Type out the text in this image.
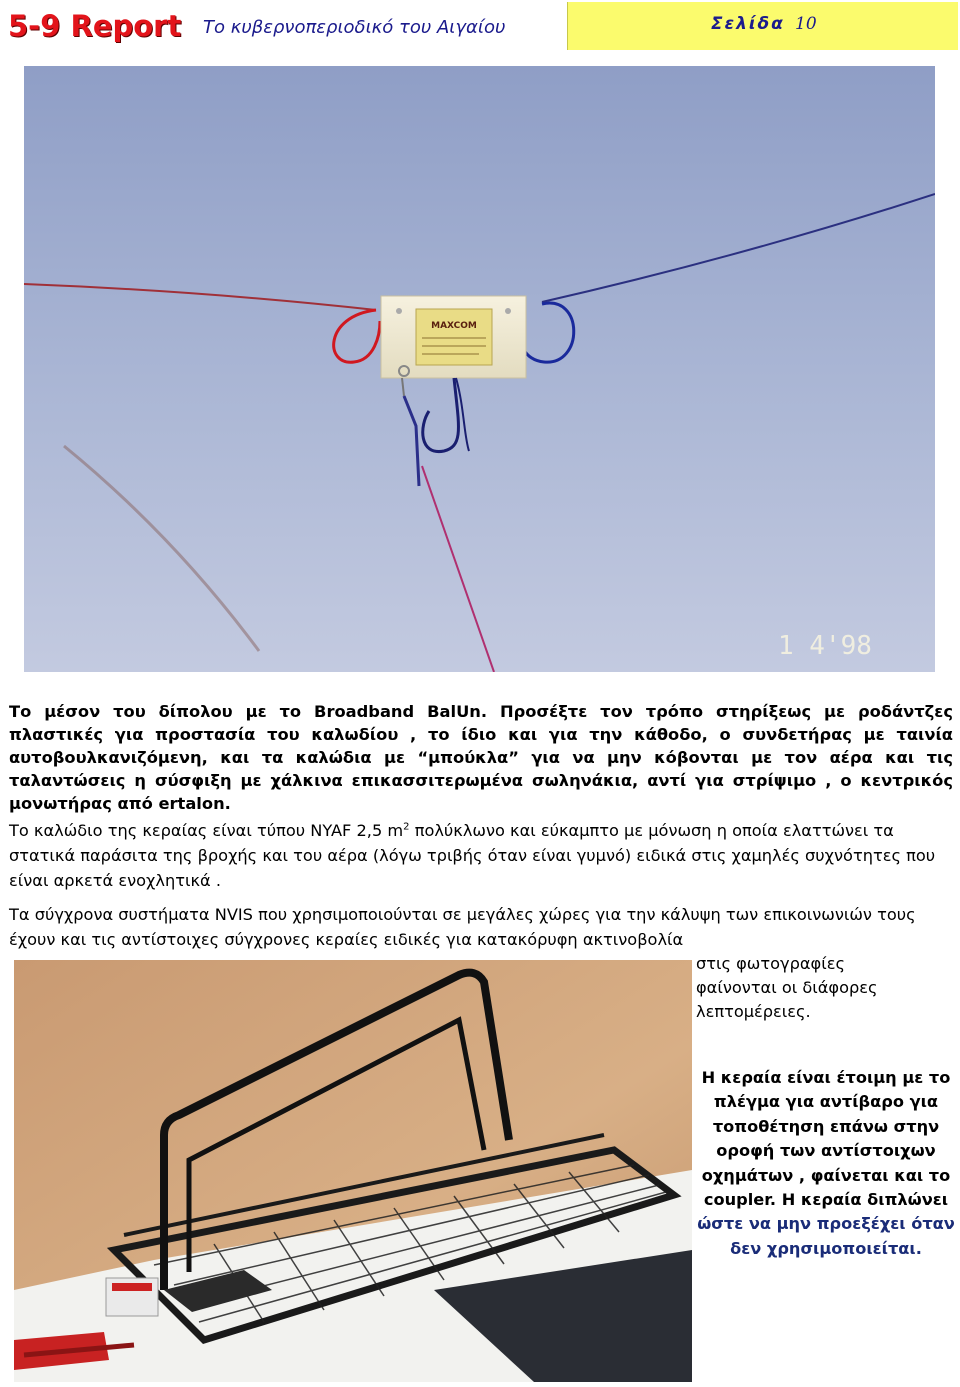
5-9 Report Το κυβερνοπεριοδικό του Αιγαίου	Σελίδα 10
MAXCOM
1 4'98
Το μέσον του δίπολου με το Broadband BalUn. Προσέξτε τον τρόπο στηρίξεως με ροδάντζες πλαστικές για προστασία του καλωδίου , το ίδιο και για την κάθοδο, ο συνδετήρας με ταινία αυτοβουλκανιζόμενη, και τα καλώδια με “μπούκλα” για να μην κόβονται με τον αέρα και τις ταλαντώσεις η σύσφιξη με χάλκινα επικασσιτερωμένα σωληνάκια, αντί για στρίψιμο , ο κεντρικός μονωτήρας από ertalon.
Το καλώδιο της κεραίας είναι τύπου NYAF 2,5 $m^2$ πολύκλωνο και εύκαμπτο με μόνωση η οποία ελαττώνει τα στατικά παράσιτα της βροχής και του αέρα (λόγω τριβής όταν είναι γυμνό) ειδικά στις χαμηλές συχνότητες που είναι αρκετά ενοχλητικά .
Τα σύγχρονα συστήματα NVIS που χρησιμοποιούνται σε μεγάλες χώρες για την κάλυψη των επικοινωνιών τους έχουν και τις αντίστοιχες σύγχρονες κεραίες ειδικές για κατακόρυφη ακτινοβολία
στις φωτογραφίες
φαίνονται οι διάφορες
λεπτομέρειες.
Η κεραία είναι έτοιμη με το πλέγμα για αντίβαρο για τοποθέτηση επάνω στην οροφή των αντίστοιχων οχημάτων , φαίνεται και το coupler. Η κεραία διπλώνει ώστε να μην προεξέχει όταν δεν χρησιμοποιείται.
